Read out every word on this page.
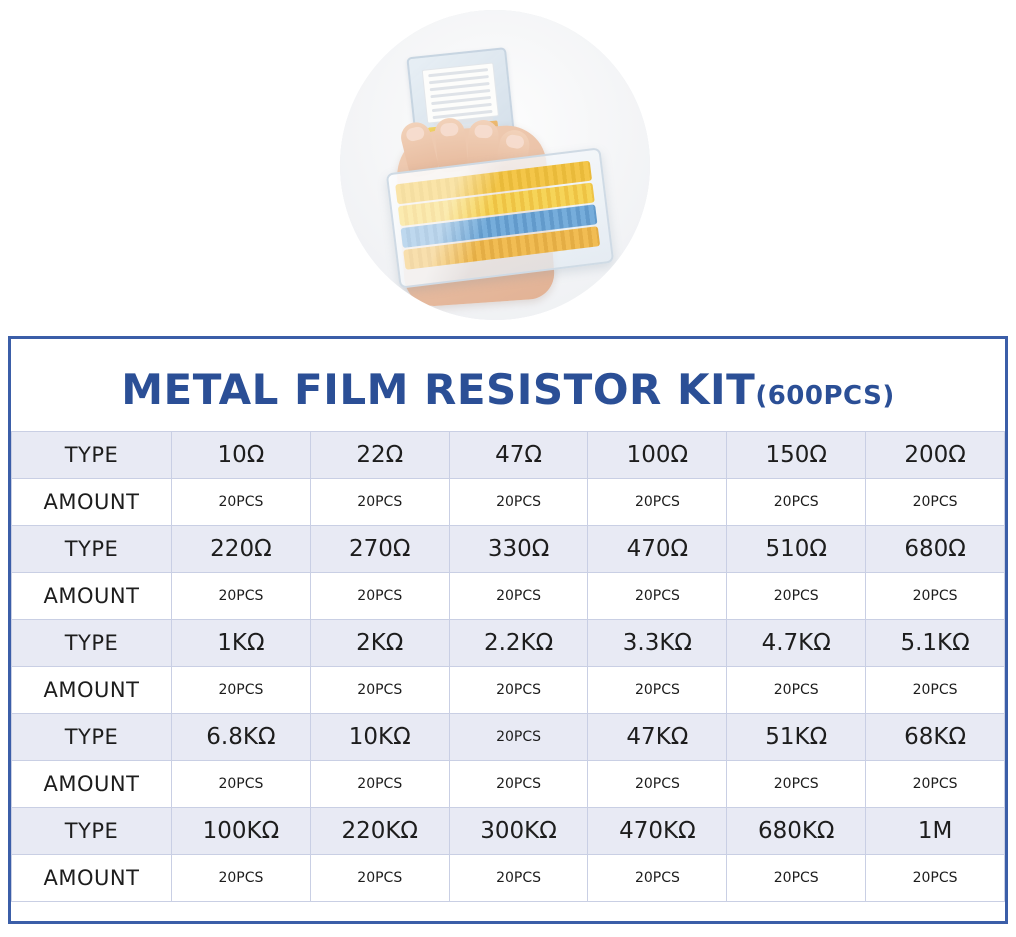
METAL FILM RESISTOR KIT(600PCS)
TYPE	10Ω	22Ω	47Ω	100Ω	150Ω	200Ω
AMOUNT	20PCS	20PCS	20PCS	20PCS	20PCS	20PCS
TYPE	220Ω	270Ω	330Ω	470Ω	510Ω	680Ω
AMOUNT	20PCS	20PCS	20PCS	20PCS	20PCS	20PCS
TYPE	1KΩ	2KΩ	2.2KΩ	3.3KΩ	4.7KΩ	5.1KΩ
AMOUNT	20PCS	20PCS	20PCS	20PCS	20PCS	20PCS
TYPE	6.8KΩ	10KΩ	20PCS	47KΩ	51KΩ	68KΩ
AMOUNT	20PCS	20PCS	20PCS	20PCS	20PCS	20PCS
TYPE	100KΩ	220KΩ	300KΩ	470KΩ	680KΩ	1M
AMOUNT	20PCS	20PCS	20PCS	20PCS	20PCS	20PCS
